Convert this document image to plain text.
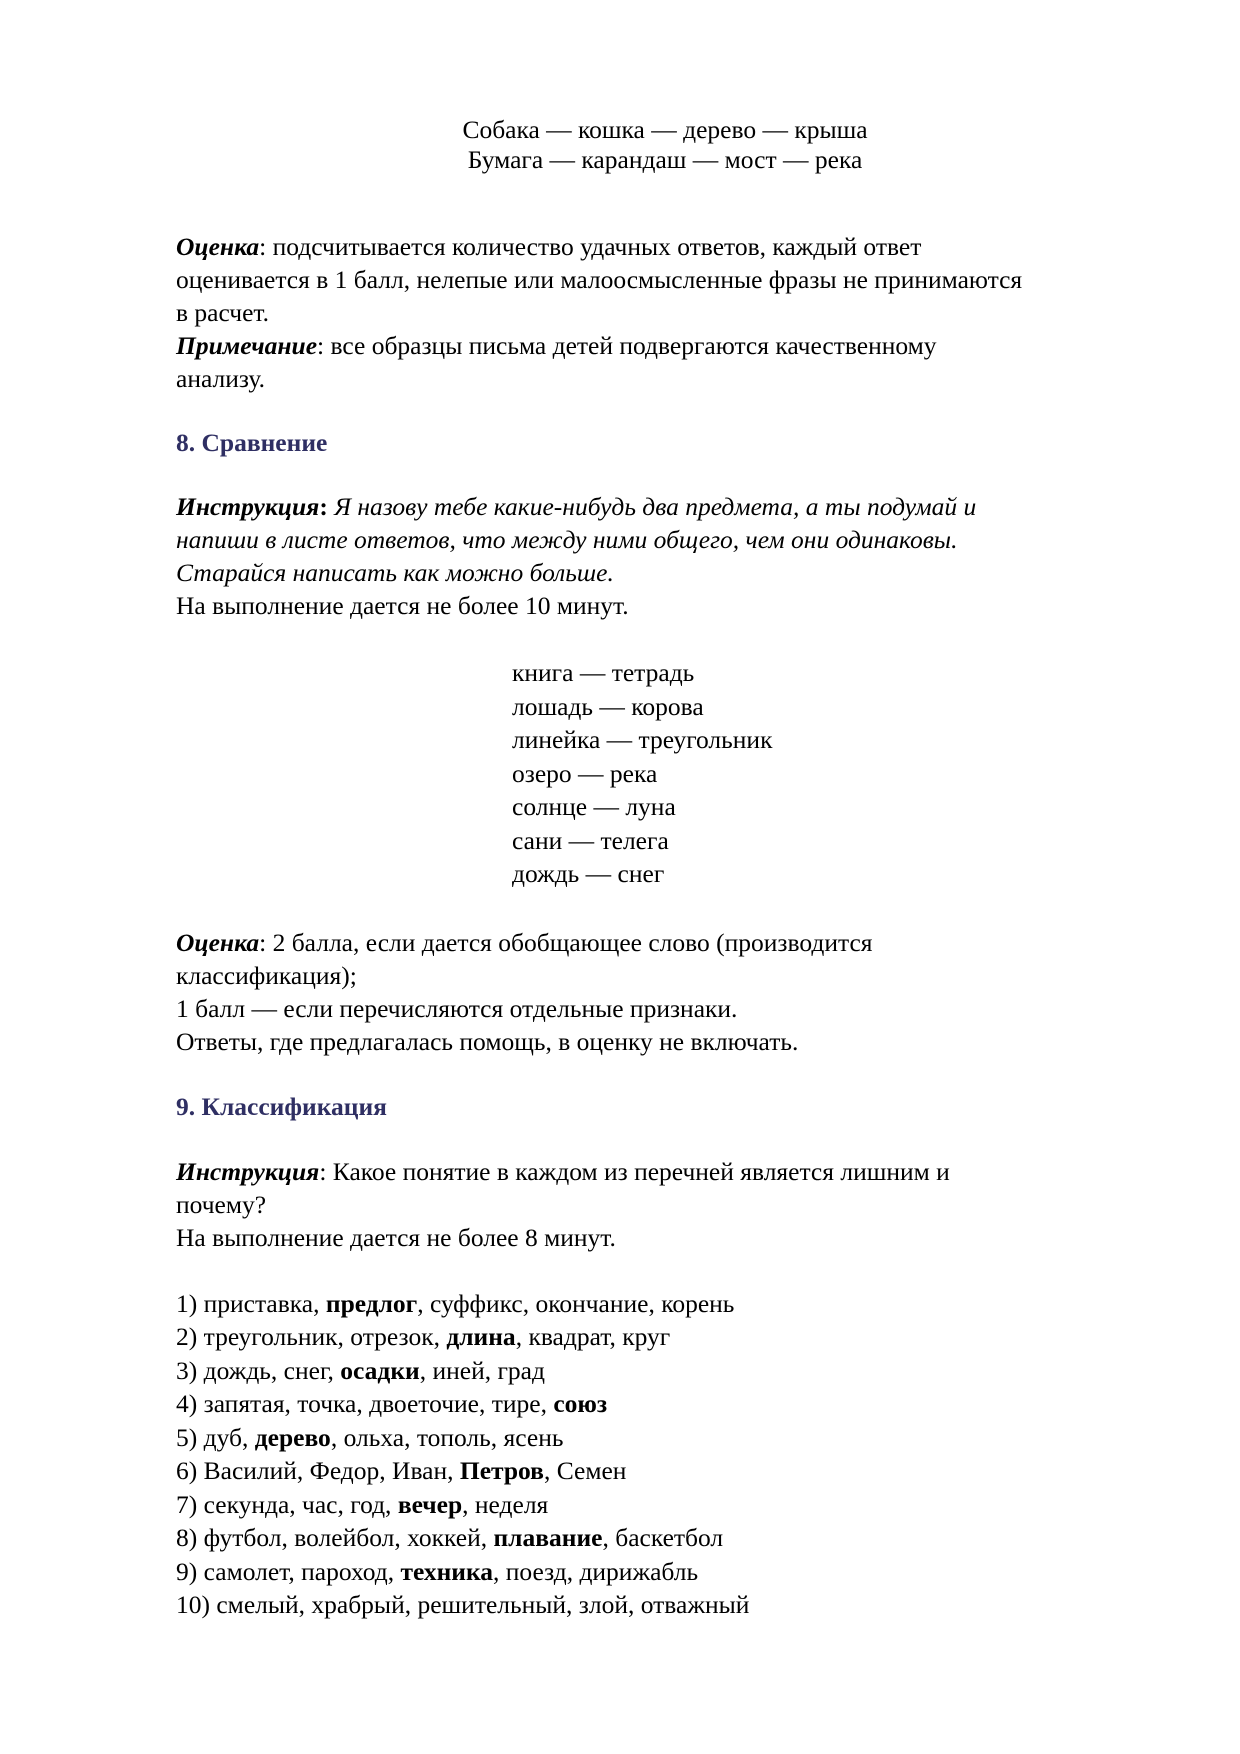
Собака — кошка — дерево — крыша
Бумага — карандаш — мост — река
Оценка: подсчитывается количество удачных ответов, каждый ответ
оценивается в 1 балл, нелепые или малоосмысленные фразы не принимаются
в расчет.
Примечание: все образцы письма детей подвергаются качественному
анализу.
8. Сравнение
Инструкция: Я назову тебе какие-нибудь два предмета, а ты подумай и
напиши в листе ответов, что между ними общего, чем они одинаковы.
Старайся написать как можно больше.
На выполнение дается не более 10 минут.
книга — тетрадь
лошадь — корова
линейка — треугольник
озеро — река
солнце — луна
сани — телега
дождь — снег
Оценка: 2 балла, если дается обобщающее слово (производится
классификация);
1 балл — если перечисляются отдельные признаки.
Ответы, где предлагалась помощь, в оценку не включать.
9. Классификация
Инструкция: Какое понятие в каждом из перечней является лишним и
почему?
На выполнение дается не более 8 минут.
1) приставка, предлог, суффикс, окончание, корень
2) треугольник, отрезок, длина, квадрат, круг
3) дождь, снег, осадки, иней, град
4) запятая, точка, двоеточие, тире, союз
5) дуб, дерево, ольха, тополь, ясень
6) Василий, Федор, Иван, Петров, Семен
7) секунда, час, год, вечер, неделя
8) футбол, волейбол, хоккей, плавание, баскетбол
9) самолет, пароход, техника, поезд, дирижабль
10) смелый, храбрый, решительный, злой, отважный
